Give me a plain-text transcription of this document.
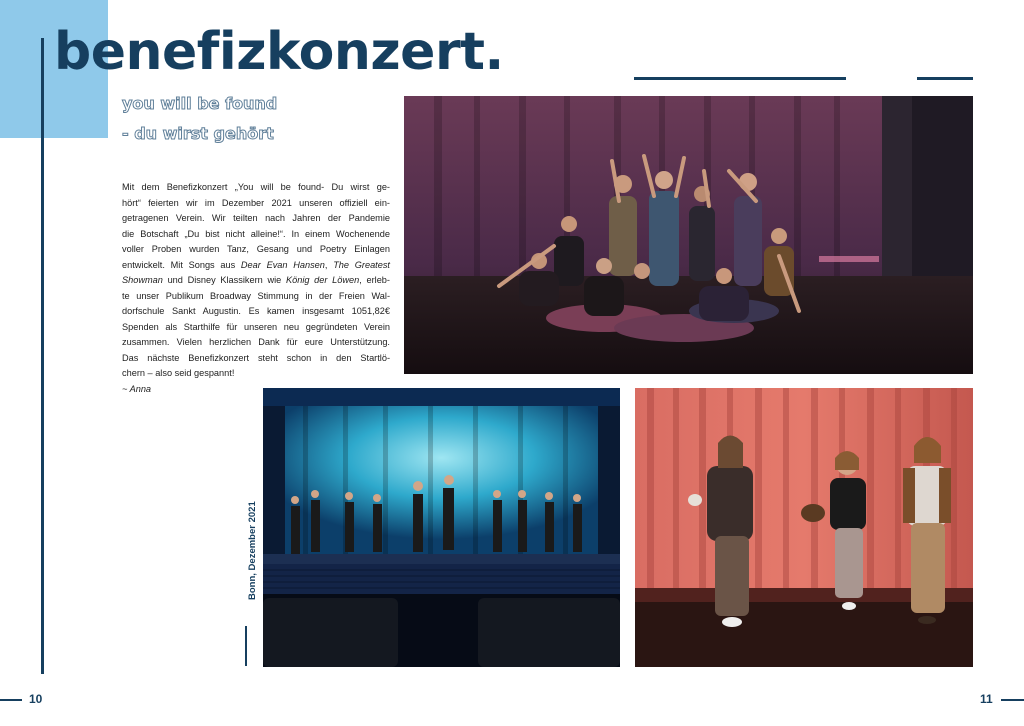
benefizkonzert.

you will be found

- du wirst gehört

Mit dem Benefizkonzert „You will be found- Du wirst ge-
hört“ feierten wir im Dezember 2021 unseren offiziell ein-
getragenen Verein. Wir teilten nach Jahren der Pandemie
die Botschaft „Du bist nicht alleine!“. In einem Wochenende
voller Proben wurden Tanz, Gesang und Poetry Einlagen
entwickelt. Mit Songs aus Dear Evan Hansen, The Greatest
Showman und Disney Klassikern wie König der Löwen, erleb-
te unser Publikum Broadway Stimmung in der Freien Wal-
dorfschule Sankt Augustin. Es kamen insgesamt 1051,82€
Spenden als Starthilfe für unseren neu gegründeten Verein
zusammen. Vielen herzlichen Dank für eure Unterstützung.
Das nächste Benefizkonzert steht schon in den Startlö-
chern – also seid gespannt!
~ Anna
Bonn, Dezember 2021
10	11
